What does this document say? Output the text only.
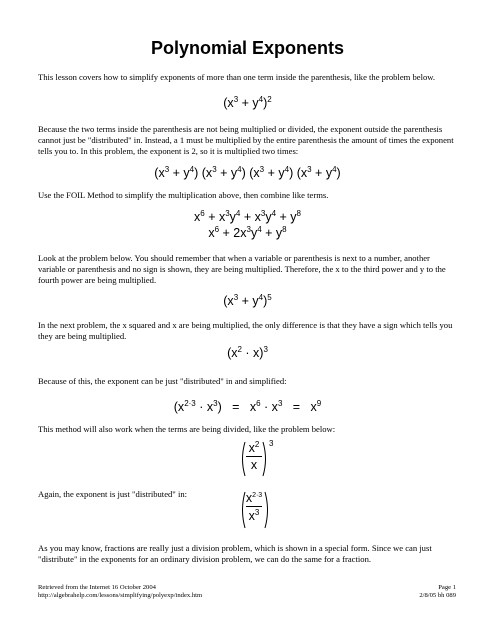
Polynomial Exponents

This lesson covers how to simplify exponents of more than one term inside the parenthesis, like the problem below.

$(x^3 + y^4)^2$

Because the two terms inside the parenthesis are not being multiplied or divided, the exponent outside the parenthesis cannot just be "distributed" in. Instead, a 1 must be multiplied by the entire parenthesis the amount of times the exponent tells you to. In this problem, the exponent is 2, so it is multiplied two times:

$(x^3 + y^4) (x^3 + y^4) (x^3 + y^4) (x^3 + y^4)$

Use the FOIL Method to simplify the multiplication above, then combine like terms.

$x^6 + x^3y^4 + x^3y^4 + y^8$
$x^6 + 2x^3y^4 + y^8$

Look at the problem below. You should remember that when a variable or parenthesis is next to a number, another variable or parenthesis and no sign is shown, they are being multiplied. Therefore, the x to the third power and y to the fourth power are being multiplied.

$(x^3 + y^4)^5$

In the next problem, the x squared and x are being multiplied, the only difference is that they have a sign which tells you they are being multiplied.

$(x^2 \cdot x)^3$

Because of this, the exponent can be just "distributed" in and simplified:

$(x^{2\cdot 3} \cdot x^3) = x^6 \cdot x^3 = x^9$

This method will also work when the terms are being divided, like the problem below:

$x^2$
x
3

Again, the exponent is just "distributed" in:	$x^{2\cdot 3}$
$x^3$

As you may know, fractions are really just a division problem, which is shown in a special form. Since we can just "distribute" in the exponents for an ordinary division problem, we can do the same for a fraction.

Retrieved from the Internet 16 October 2004
http://algebrahelp.com/lessons/simplifying/polyexp/index.htm
Page 1
2/8/05 bh 089
